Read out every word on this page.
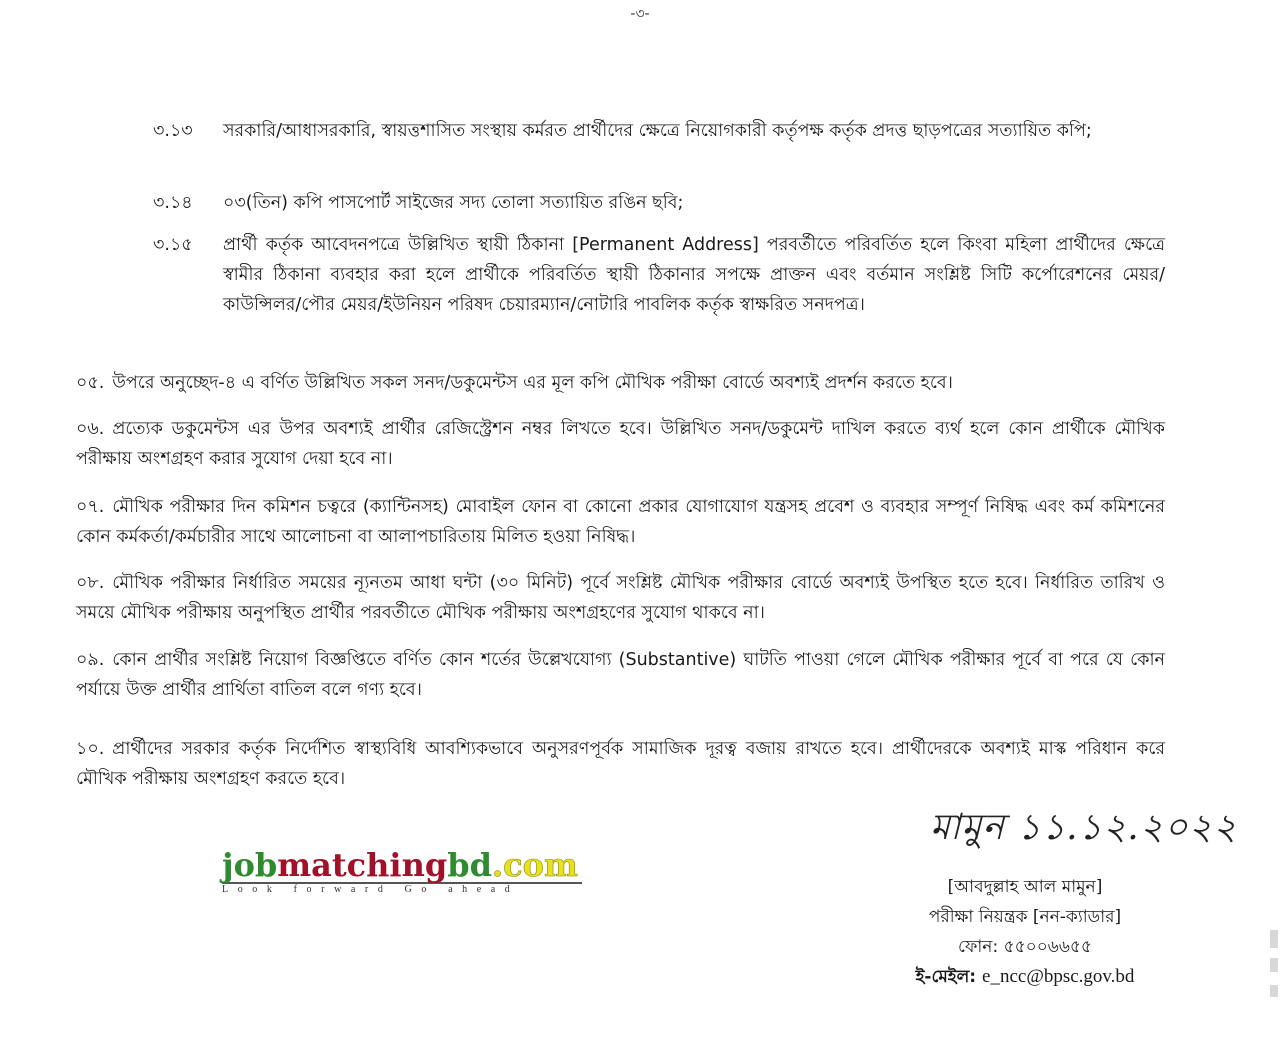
-৩-
৩.১৩	সরকারি/আধাসরকারি, স্বায়ত্তশাসিত সংস্থায় কর্মরত প্রার্থীদের ক্ষেত্রে নিয়োগকারী কর্তৃপক্ষ কর্তৃক প্রদত্ত ছাড়পত্রের সত্যায়িত কপি;
৩.১৪	০৩(তিন) কপি পাসপোর্ট সাইজের সদ্য তোলা সত্যায়িত রঙিন ছবি;
৩.১৫	প্রার্থী কর্তৃক আবেদনপত্রে উল্লিখিত স্থায়ী ঠিকানা [Permanent Address] পরবর্তীতে পরিবর্তিত হলে কিংবা মহিলা প্রার্থীদের ক্ষেত্রে স্বামীর ঠিকানা ব্যবহার করা হলে প্রার্থীকে পরিবর্তিত স্থায়ী ঠিকানার সপক্ষে প্রাক্তন এবং বর্তমান সংশ্লিষ্ট সিটি কর্পোরেশনের মেয়র/কাউন্সিলর/পৌর মেয়র/ইউনিয়ন পরিষদ চেয়ারম্যান/নোটারি পাবলিক কর্তৃক স্বাক্ষরিত সনদপত্র।
০৫. উপরে অনুচ্ছেদ-৪ এ বর্ণিত উল্লিখিত সকল সনদ/ডকুমেন্টস এর মূল কপি মৌখিক পরীক্ষা বোর্ডে অবশ্যই প্রদর্শন করতে হবে।
০৬. প্রত্যেক ডকুমেন্টস এর উপর অবশ্যই প্রার্থীর রেজিস্ট্রেশন নম্বর লিখতে হবে। উল্লিখিত সনদ/ডকুমেন্ট দাখিল করতে ব্যর্থ হলে কোন প্রার্থীকে মৌখিক পরীক্ষায় অংশগ্রহণ করার সুযোগ দেয়া হবে না।
০৭. মৌখিক পরীক্ষার দিন কমিশন চত্বরে (ক্যান্টিনসহ) মোবাইল ফোন বা কোনো প্রকার যোগাযোগ যন্ত্রসহ প্রবেশ ও ব্যবহার সম্পূর্ণ নিষিদ্ধ এবং কর্ম কমিশনের কোন কর্মকর্তা/কর্মচারীর সাথে আলোচনা বা আলাপচারিতায় মিলিত হওয়া নিষিদ্ধ।
০৮. মৌখিক পরীক্ষার নির্ধারিত সময়ের ন্যূনতম আধা ঘন্টা (৩০ মিনিট) পূর্বে সংশ্লিষ্ট মৌখিক পরীক্ষার বোর্ডে অবশ্যই উপস্থিত হতে হবে। নির্ধারিত তারিখ ও সময়ে মৌখিক পরীক্ষায় অনুপস্থিত প্রার্থীর পরবর্তীতে মৌখিক পরীক্ষায় অংশগ্রহণের সুযোগ থাকবে না।
০৯. কোন প্রার্থীর সংশ্লিষ্ট নিয়োগ বিজ্ঞপ্তিতে বর্ণিত কোন শর্তের উল্লেখযোগ্য (Substantive) ঘাটতি পাওয়া গেলে মৌখিক পরীক্ষার পূর্বে বা পরে যে কোন পর্যায়ে উক্ত প্রার্থীর প্রার্থিতা বাতিল বলে গণ্য হবে।
১০. প্রার্থীদের সরকার কর্তৃক নির্দেশিত স্বাস্থ্যবিধি আবশ্যিকভাবে অনুসরণপূর্বক সামাজিক দূরত্ব বজায় রাখতে হবে। প্রার্থীদেরকে অবশ্যই মাস্ক পরিধান করে মৌখিক পরীক্ষায় অংশগ্রহণ করতে হবে।
jobmatchingbd.com
Look forward Go ahead
মামুন ১১.১২.২০২২
[আবদুল্লাহ আল মামুন]
পরীক্ষা নিয়ন্ত্রক [নন-ক্যাডার]
ফোন: ৫৫০০৬৬৫৫
ই-মেইল: e_ncc@bpsc.gov.bd
